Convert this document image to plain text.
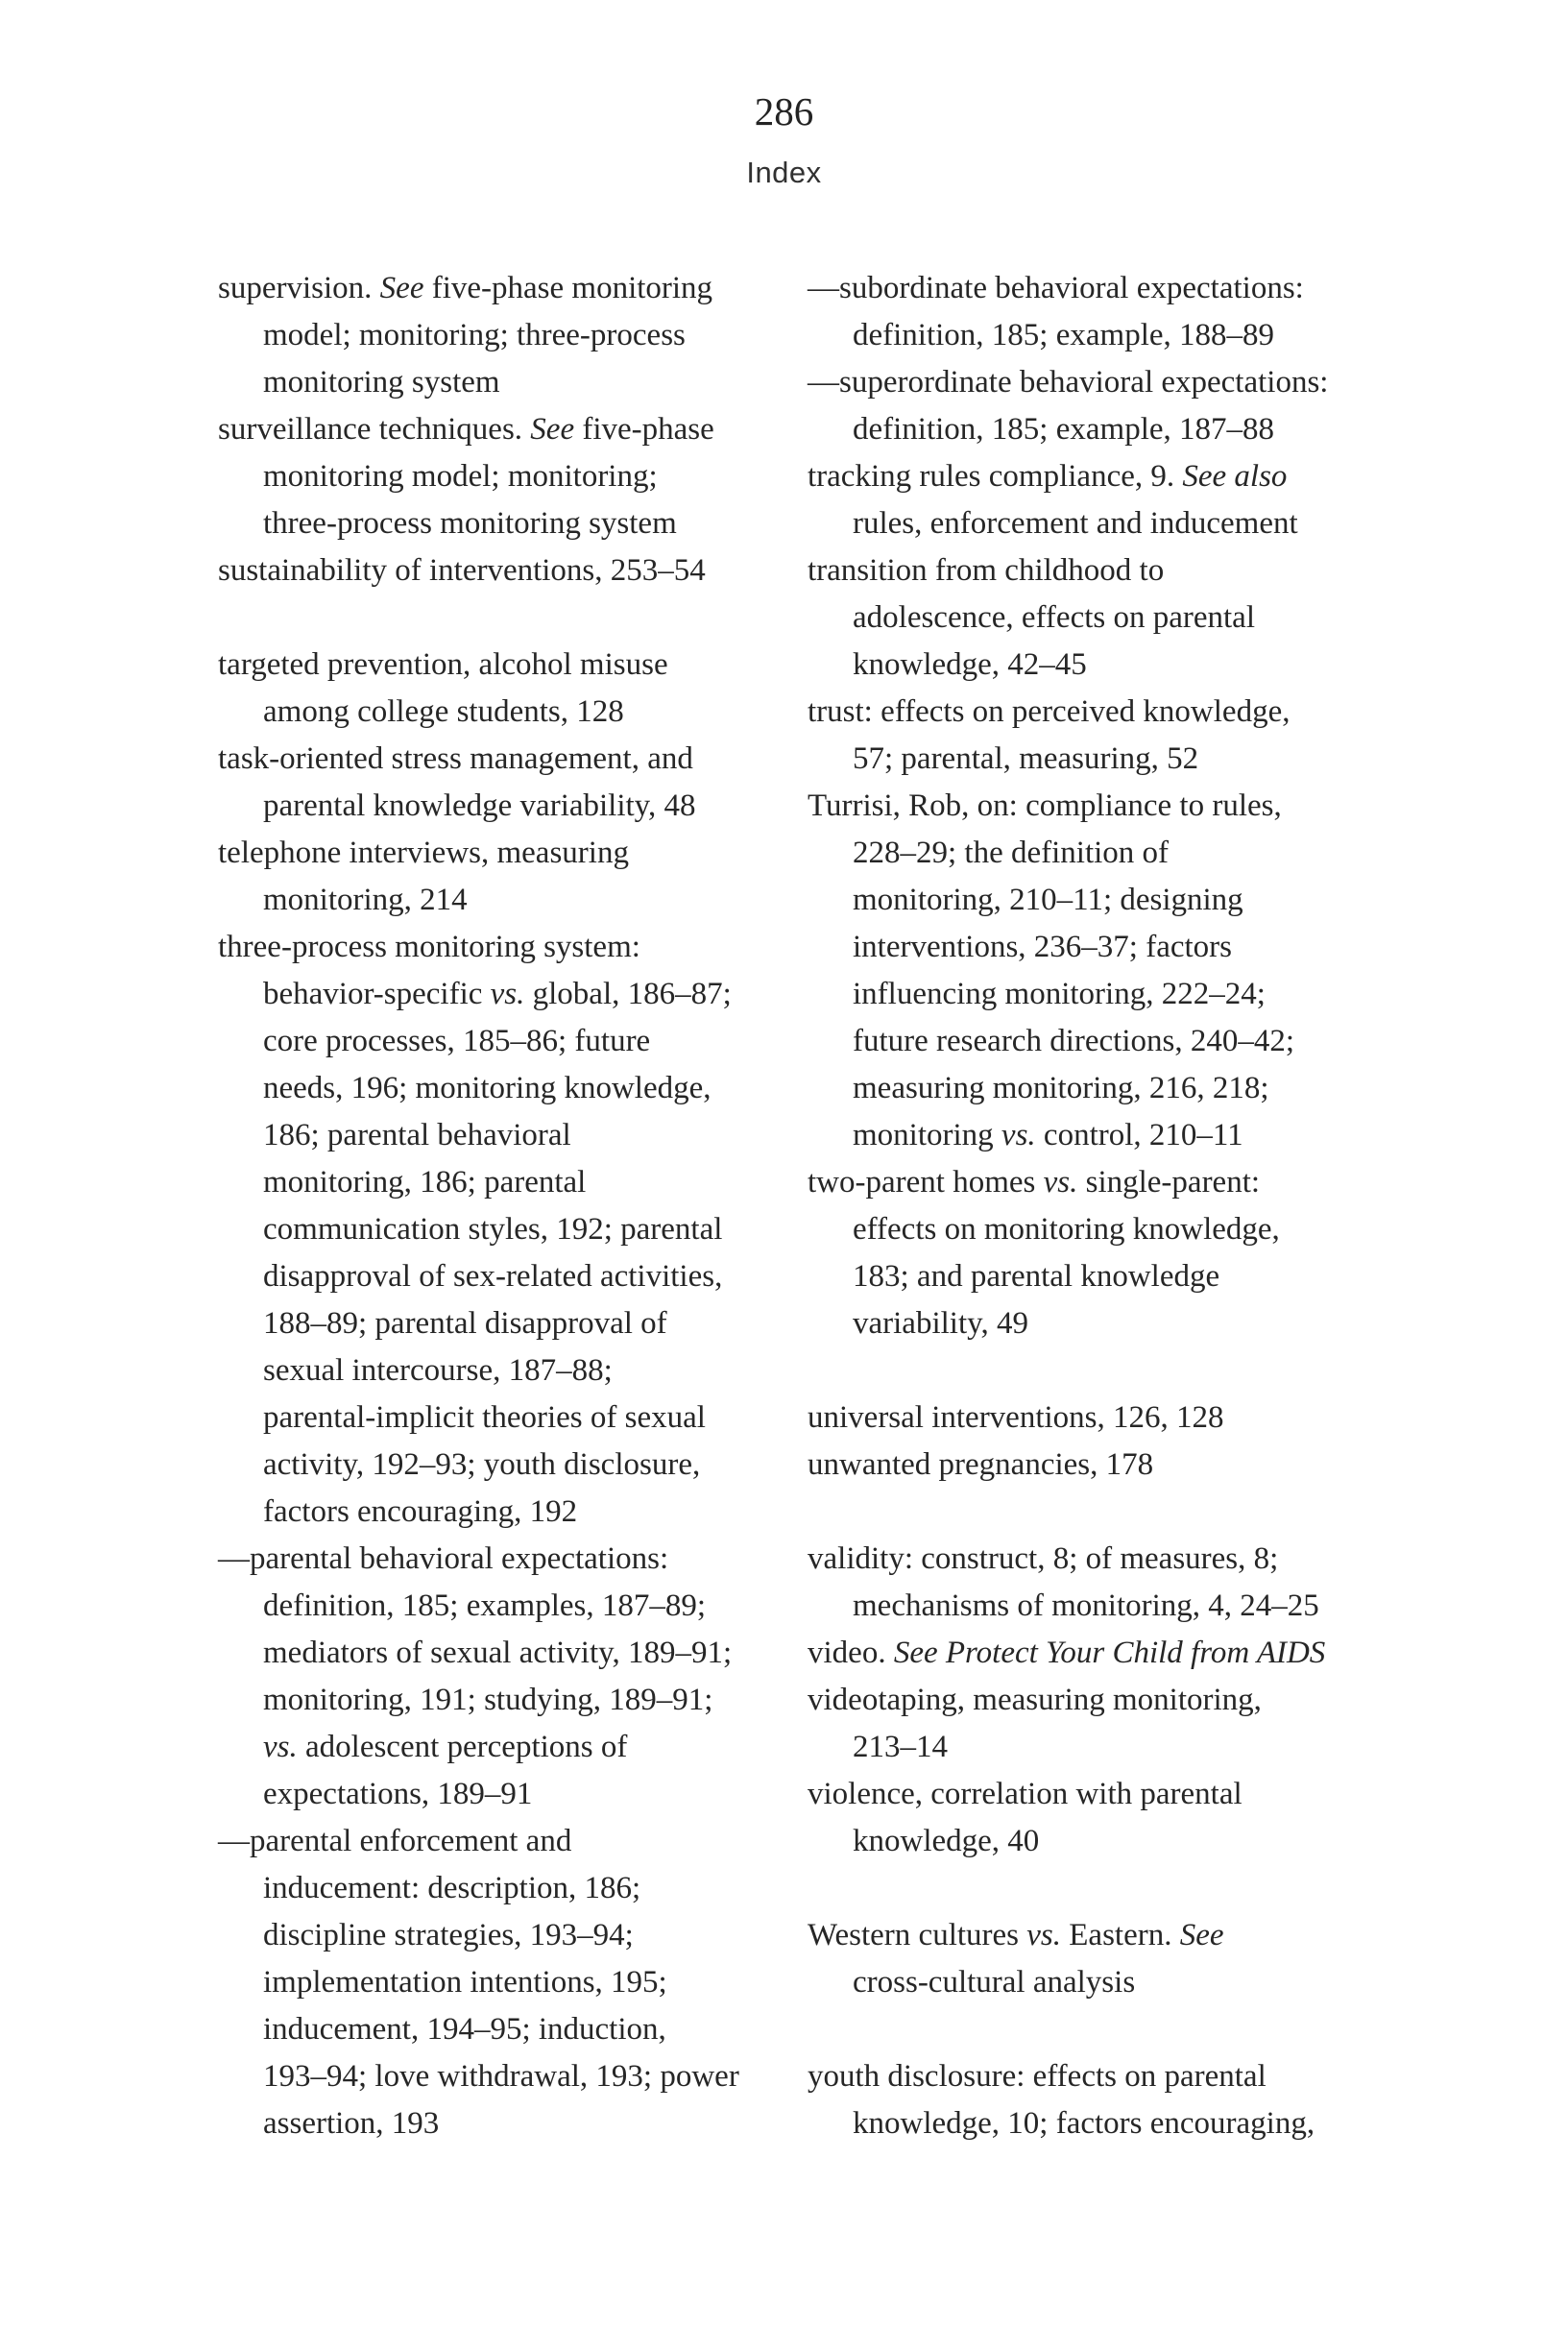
286
Index
supervision. See five-phase monitoring
model; monitoring; three-process
monitoring system
surveillance techniques. See five-phase
monitoring model; monitoring;
three-process monitoring system
sustainability of interventions, 253–54
targeted prevention, alcohol misuse
among college students, 128
task-oriented stress management, and
parental knowledge variability, 48
telephone interviews, measuring
monitoring, 214
three-process monitoring system:
behavior-specific vs. global, 186–87;
core processes, 185–86; future
needs, 196; monitoring knowledge,
186; parental behavioral
monitoring, 186; parental
communication styles, 192; parental
disapproval of sex-related activities,
188–89; parental disapproval of
sexual intercourse, 187–88;
parental-implicit theories of sexual
activity, 192–93; youth disclosure,
factors encouraging, 192
—parental behavioral expectations:
definition, 185; examples, 187–89;
mediators of sexual activity, 189–91;
monitoring, 191; studying, 189–91;
vs. adolescent perceptions of
expectations, 189–91
—parental enforcement and
inducement: description, 186;
discipline strategies, 193–94;
implementation intentions, 195;
inducement, 194–95; induction,
193–94; love withdrawal, 193; power
assertion, 193
—subordinate behavioral expectations:
definition, 185; example, 188–89
—superordinate behavioral expectations:
definition, 185; example, 187–88
tracking rules compliance, 9. See also
rules, enforcement and inducement
transition from childhood to
adolescence, effects on parental
knowledge, 42–45
trust: effects on perceived knowledge,
57; parental, measuring, 52
Turrisi, Rob, on: compliance to rules,
228–29; the definition of
monitoring, 210–11; designing
interventions, 236–37; factors
influencing monitoring, 222–24;
future research directions, 240–42;
measuring monitoring, 216, 218;
monitoring vs. control, 210–11
two-parent homes vs. single-parent:
effects on monitoring knowledge,
183; and parental knowledge
variability, 49
universal interventions, 126, 128
unwanted pregnancies, 178
validity: construct, 8; of measures, 8;
mechanisms of monitoring, 4, 24–25
video. See Protect Your Child from AIDS
videotaping, measuring monitoring,
213–14
violence, correlation with parental
knowledge, 40
Western cultures vs. Eastern. See
cross-cultural analysis
youth disclosure: effects on parental
knowledge, 10; factors encouraging,
